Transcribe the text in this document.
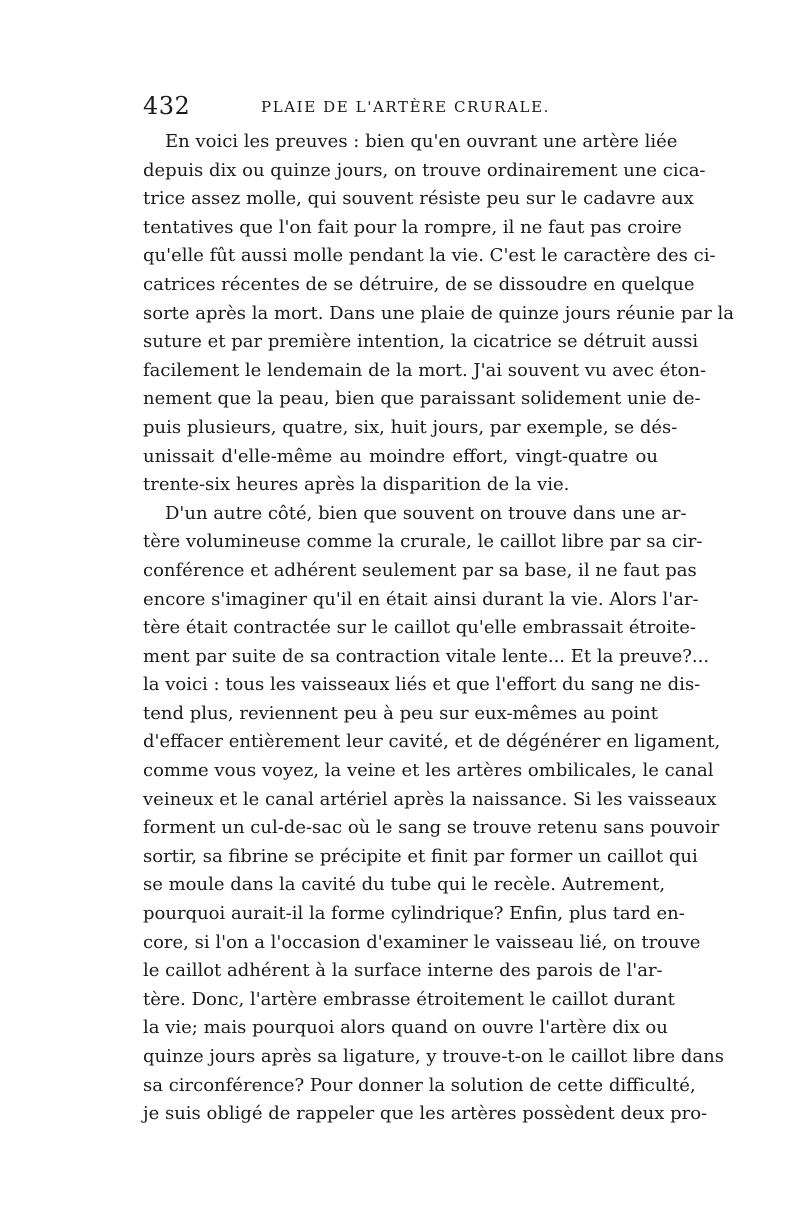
432	PLAIE DE L'ARTÈRE CRURALE.
En voici les preuves : bien qu'en ouvrant une artère liée
depuis dix ou quinze jours, on trouve ordinairement une cica-
trice assez molle, qui souvent résiste peu sur le cadavre aux
tentatives que l'on fait pour la rompre, il ne faut pas croire
qu'elle fût aussi molle pendant la vie. C'est le caractère des ci-
catrices récentes de se détruire, de se dissoudre en quelque
sorte après la mort. Dans une plaie de quinze jours réunie par la
suture et par première intention, la cicatrice se détruit aussi
facilement le lendemain de la mort. J'ai souvent vu avec éton-
nement que la peau, bien que paraissant solidement unie de-
puis plusieurs, quatre, six, huit jours, par exemple, se dés-
unissait d'elle-même au moindre effort, vingt-quatre ou
trente-six heures après la disparition de la vie.
D'un autre côté, bien que souvent on trouve dans une ar-
tère volumineuse comme la crurale, le caillot libre par sa cir-
conférence et adhérent seulement par sa base, il ne faut pas
encore s'imaginer qu'il en était ainsi durant la vie. Alors l'ar-
tère était contractée sur le caillot qu'elle embrassait étroite-
ment par suite de sa contraction vitale lente... Et la preuve?...
la voici : tous les vaisseaux liés et que l'effort du sang ne dis-
tend plus, reviennent peu à peu sur eux-mêmes au point
d'effacer entièrement leur cavité, et de dégénérer en ligament,
comme vous voyez, la veine et les artères ombilicales, le canal
veineux et le canal artériel après la naissance. Si les vaisseaux
forment un cul-de-sac où le sang se trouve retenu sans pouvoir
sortir, sa fibrine se précipite et finit par former un caillot qui
se moule dans la cavité du tube qui le recèle. Autrement,
pourquoi aurait-il la forme cylindrique? Enfin, plus tard en-
core, si l'on a l'occasion d'examiner le vaisseau lié, on trouve
le caillot adhérent à la surface interne des parois de l'ar-
tère. Donc, l'artère embrasse étroitement le caillot durant
la vie; mais pourquoi alors quand on ouvre l'artère dix ou
quinze jours après sa ligature, y trouve-t-on le caillot libre dans
sa circonférence? Pour donner la solution de cette difficulté,
je suis obligé de rappeler que les artères possèdent deux pro-
